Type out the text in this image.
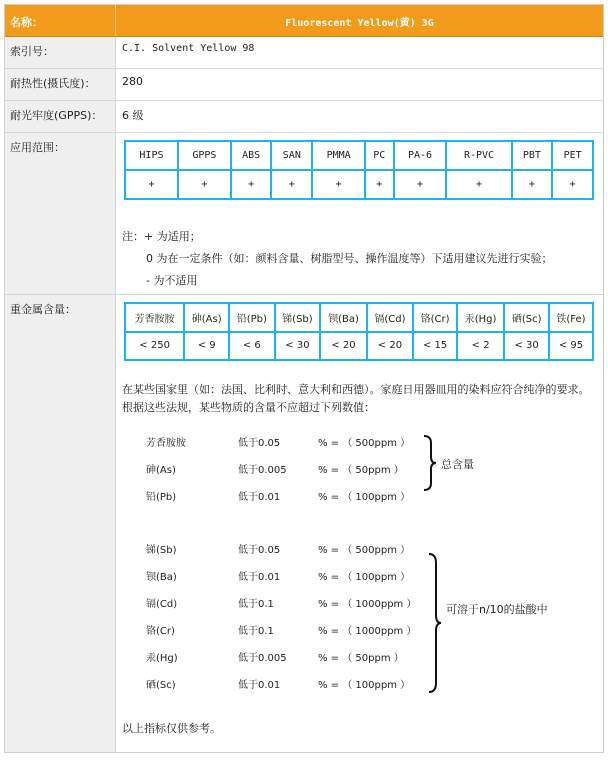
名称：	Fluorescent Yellow(黄) 3G
索引号：	C.I. Solvent Yellow 98
耐热性(摄氏度)：	280
耐光牢度(GPPS)：	6 级
应用范围：
HIPS	GPPS	ABS	SAN	PMMA	PC	PA-6	R-PVC	PBT	PET
+	+	+	+	+	+	+	+	+	+
注：+ 为适用；
0 为在一定条件（如：颜料含量、树脂型号、操作温度等）下适用建议先进行实验；
- 为不适用
重金属含量：
芳香胺胺	砷(As)	铅(Pb)	锑(Sb)	钡(Ba)	镉(Cd)	铬(Cr)	汞(Hg)	硒(Sc)	铁(Fe)
< 250	< 9	< 6	< 30	< 20	< 20	< 15	< 2	< 30	< 95
在某些国家里（如：法国、比利时、意大利和西德）。家庭日用器皿用的染料应符合纯净的要求。根据这些法规，某些物质的含量不应超过下列数值：
芳香胺胺	低于0.05	% = （ 500ppm ）
砷(As)	低于0.005	% = （ 50ppm ）
铅(Pb)	低于0.01	% = （ 100ppm ）
总含量
锑(Sb)	低于0.05	% = （ 500ppm ）
钡(Ba)	低于0.01	% = （ 100ppm ）
镉(Cd)	低于0.1	% = （ 1000ppm ）
铬(Cr)	低于0.1	% = （ 1000ppm ）
汞(Hg)	低于0.005	% = （ 50ppm ）
硒(Sc)	低于0.01	% = （ 100ppm ）
可溶于n/10的盐酸中
以上指标仅供参考。
